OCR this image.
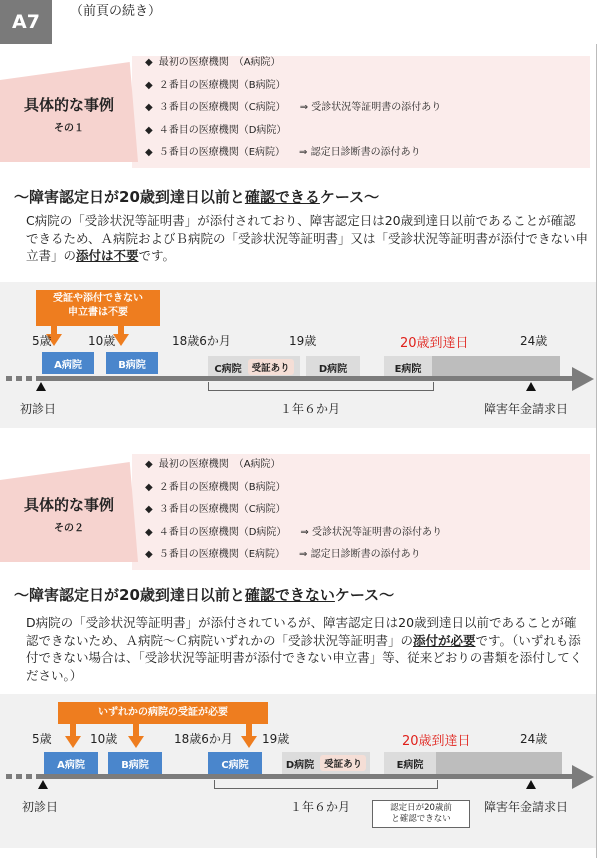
A7	（前頁の続き）
具体的な事例
その１
◆ 最初の医療機関　（A病院）
◆ ２番目の医療機関（B病院）
◆ ３番目の医療機関（C病院） ⇒ 受診状況等証明書の添付あり
◆ ４番目の医療機関（D病院）
◆ ５番目の医療機関（E病院） ⇒ 認定日診断書の添付あり
～障害認定日が20歳到達日以前と確認できるケース～
C病院の「受診状況等証明書」が添付されており、障害認定日は20歳到達日以前であることが確認できるため、Ａ病院およびＢ病院の「受診状況等証明書」又は「受診状況等証明書が添付できない申立書」の添付は不要です。
受証や添付できない
申立書は不要
5歳	10歳	18歳6か月	19歳	20歳到達日	24歳
A病院	B病院	C病院	受証あり	D病院	E病院
１年６か月
初診日	障害年金請求日
具体的な事例
その２
◆ 最初の医療機関　（A病院）
◆ ２番目の医療機関（B病院）
◆ ３番目の医療機関（C病院）
◆ ４番目の医療機関（D病院） ⇒ 受診状況等証明書の添付あり
◆ ５番目の医療機関（E病院） ⇒ 認定日診断書の添付あり
～障害認定日が20歳到達日以前と確認できないケース～
D病院の「受診状況等証明書」が添付されているが、障害認定日は20歳到達日以前であることが確認できないため、Ａ病院～Ｃ病院いずれかの「受診状況等証明書」の添付が必要です。（いずれも添付できない場合は、「受診状況等証明書が添付できない申立書」等、従来どおりの書類を添付してください。）
いずれかの病院の受証が必要
5歳	10歳	18歳6か月 19歳	20歳到達日	24歳
A病院	B病院	C病院	D病院	受証あり	E病院
１年６か月	認定日が20歳前
と確認できない
初診日	障害年金請求日
